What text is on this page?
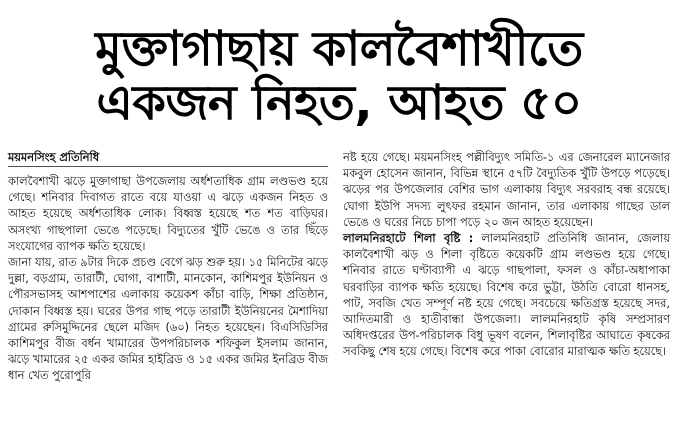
মুক্তাগাছায় কালবৈশাখীতে
একজন নিহত, আহত ৫০
ময়মনসিংহ প্রতিনিধি

কালবৈশাখী ঝড়ে মুক্তাগাছা উপজেলায় অর্ধশতাধিক গ্রাম লণ্ডভণ্ড হয়ে গেছে। শনিবার দিবাগত রাতে বয়ে যাওয়া এ ঝড়ে একজন নিহত ও আহত হয়েছে অর্ধশতাধিক লোক। বিধ্বস্ত হয়েছে শত শত বাড়িঘর। অসংখ্য গাছপালা ভেঙে পড়েছে। বিদ্যুতের খুঁটি ভেঙে ও তার ছিঁড়ে সংযোগের ব্যাপক ক্ষতি হয়েছে।

জানা যায়, রাত ৯টার দিকে প্রচণ্ড বেগে ঝড় শুরু হয়। ১৫ মিনিটের ঝড়ে দুল্লা, বড়গ্রাম, তারাটী, ঘোগা, বাশাটী, মানকোন, কাশিমপুর ইউনিয়ন ও পৌরসভাসহ আশপাশের এলাকায় কয়েকশ কাঁচা বাড়ি, শিক্ষা প্রতিষ্ঠান, দোকান বিধ্বস্ত হয়। ঘরের উপর গাছ পড়ে তারাটী ইউনিয়নের মৈশাদিয়া গ্রামের রুসিমুদ্দিনের ছেলে মজিদ (৬০) নিহত হয়েছেন। বিএসিডিসির কাশিমপুর বীজ বর্ধন খামারের উপপরিচালক শফিকুল ইসলাম জানান, ঝড়ে খামারের ২৫ একর জমির হাইব্রিড ও ১৫ একর জমির ইনব্রিড বীজ ধান খেত পুরোপুরি

নষ্ট হয়ে গেছে। ময়মনসিংহ পল্লীবিদ্যুৎ সমিতি-১ এর জেনারেল ম্যানেজার মকবুল হোসেন জানান, বিভিন্ন স্থানে ৫৭টি বৈদ্যুতিক খুঁটি উপড়ে পড়েছে। ঝড়ের পর উপজেলার বেশির ভাগ এলাকায় বিদ্যুৎ সরবরাহ বন্ধ রয়েছে। ঘোগা ইউপি সদস্য লুৎফর রহমান জানান, তার এলাকায় গাছের ডাল ভেঙে ও ঘরের নিচে চাপা পড়ে ২০ জন আহত হয়েছেন।

লালমনিরহাটে শিলা বৃষ্টি : লালমনিরহাট প্রতিনিধি জানান, জেলায় কালবৈশাখী ঝড় ও শিলা বৃষ্টিতে কয়েকটি গ্রাম লণ্ডভণ্ড হয়ে গেছে। শনিবার রাতে ঘণ্টাব্যাপী এ ঝড়ে গাছপালা, ফসল ও কাঁচা-অধাপাকা ঘরবাড়ির ব্যাপক ক্ষতি হয়েছে। বিশেষ করে ভুট্টা, উঠতি বোরো ধানসহ, পাট, সবজি খেত সম্পূর্ণ নষ্ট হয়ে গেছে। সবচেয়ে ক্ষতিগ্রস্ত হয়েছে সদর, আদিতমারী ও হাতীবান্ধা উপজেলা। লালমনিরহাট কৃষি সম্প্রসারণ অধিদপ্তরের উপ-পরিচালক বিধু ভূষণ বলেন, শিলাবৃষ্টির আঘাতে কৃষকের সবকিছু শেষ হয়ে গেছে। বিশেষ করে পাকা বোরোর মারাত্মক ক্ষতি হয়েছে।
